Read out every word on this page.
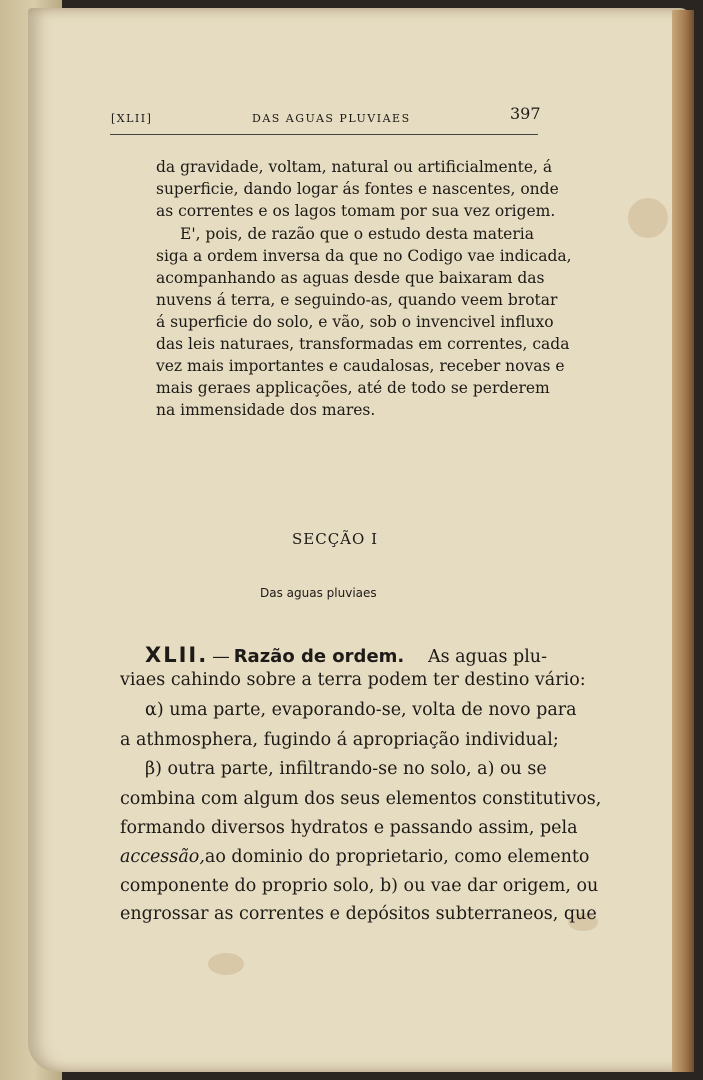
[XLII]	DAS AGUAS PLUVIAES	397
da gravidade, voltam, natural ou artificialmente, á
superficie, dando logar ás fontes e nascentes, onde
as correntes e os lagos tomam por sua vez origem.
E', pois, de razão que o estudo desta materia
siga a ordem inversa da que no Codigo vae indicada,
acompanhando as aguas desde que baixaram das
nuvens á terra, e seguindo-as, quando veem brotar
á superficie do solo, e vão, sob o invencivel influxo
das leis naturaes, transformadas em correntes, cada
vez mais importantes e caudalosas, receber novas e
mais geraes applicações, até de todo se perderem
na immensidade dos mares.
SECÇÃO I
Das aguas pluviaes
XLII. — Razão de ordem. As aguas plu-
viaes cahindo sobre a terra podem ter destino vário:
α) uma parte, evaporando-se, volta de novo para
a athmosphera, fugindo á apropriação individual;
β) outra parte, infiltrando-se no solo, a) ou se
combina com algum dos seus elementos constitutivos,
formando diversos hydratos e passando assim, pela
accessão, ao dominio do proprietario, como elemento
componente do proprio solo, b) ou vae dar origem, ou
engrossar as correntes e depósitos subterraneos, que
